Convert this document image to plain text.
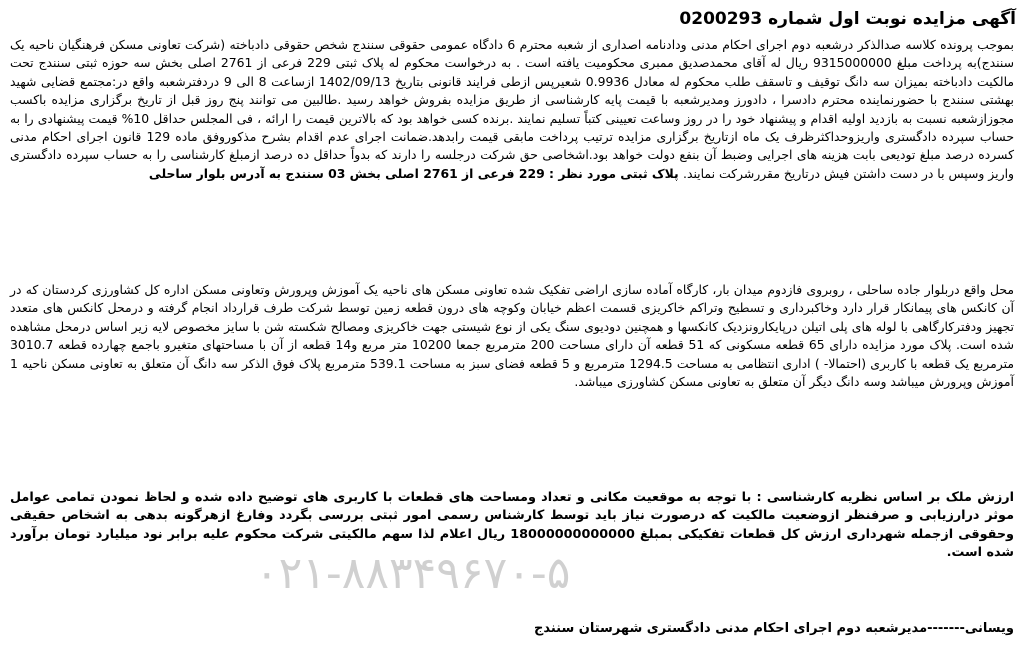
آگهی مزایده نوبت اول شماره 0200293

بموجب پرونده کلاسه صدالذکر درشعبه دوم اجرای احکام مدنی ودادنامه اصداری از شعبه محترم 6 دادگاه عمومی حقوقی سنندج شخص حقوقی دادباخته (شرکت تعاونی مسکن فرهنگیان ناحیه یک سنندج)به پرداخت مبلغ 9315000000 ریال له آقای محمدصدیق ممبری محکومیت یافته است . به درخواست محکوم له پلاک ثبتی 229 فرعی از 2761 اصلی بخش سه حوزه ثبتی سنندج تحت مالکیت دادباخته بمیزان سه دانگ توقیف و تاسقف طلب محکوم له معادل 0.9936 شعیرپس ازطی فرایند قانونی بتاریخ 1402/09/13 ازساعت 8 الی 9 دردفترشعبه واقع در:مجتمع قضایی شهید بهشتی سنندج با حضورنماینده محترم دادسرا ، دادورز ومدیرشعبه با قیمت پایه کارشناسی از طریق مزایده بفروش خواهد رسید .طالبین می توانند پنج روز قبل از تاریخ برگزاری مزایده باکسب مجوزازشعبه نسبت به بازدید اولیه اقدام و پیشنهاد خود را در روز وساعت تعیینی کتباً تسلیم نمایند .برنده کسی خواهد بود که بالاترین قیمت را ارائه ، فی المجلس حداقل 10% قیمت پیشنهادی را به حساب سپرده دادگستری واریزوحداکثرظرف یک ماه ازتاریخ برگزاری مزایده ترتیب پرداخت مابقی قیمت رابدهد.ضمانت اجرای عدم اقدام بشرح مذکوروفق ماده 129 قانون اجرای احکام مدنی کسرده درصد مبلغ تودیعی بابت هزینه های اجرایی وضبط آن بنفع دولت خواهد بود.اشخاصی حق شرکت درجلسه را دارند که بدواً حداقل ده درصد ازمبلغ کارشناسی را به حساب سپرده دادگستری واریز وسپس با در دست داشتن فیش درتاریخ مقررشرکت نمایند. پلاک ثبتی مورد نظر : 229 فرعی از 2761 اصلی بخش 03 سنندج به آدرس بلوار ساحلی

محل واقع دربلوار جاده ساحلی ، روبروی فازدوم میدان بار، کارگاه آماده سازی اراضی تفکیک شده تعاونی مسکن های ناحیه یک آموزش وپرورش وتعاونی مسکن اداره کل کشاورزی کردستان که در آن کانکس های پیمانکار قرار دارد وخاکبرداری و تسطیح وتراکم خاکریزی قسمت اعظم خیابان وکوچه های درون قطعه زمین توسط شرکت طرف قرارداد انجام گرفته و درمحل کانکس های متعدد تجهیز ودفترکارگاهی با لوله های پلی اتیلن درپایکارونزدیک کانکسها و همچنین دودیوی سنگ یکی از نوع شیستی جهت خاکریزی ومصالح شکسته شن با سایز مخصوص لایه زیر اساس درمحل مشاهده شده است. پلاک مورد مزایده دارای 65 قطعه مسکونی که 51 قطعه آن دارای مساحت 200 مترمربع جمعا 10200 متر مربع و14 قطعه از آن با مساحتهای متغیرو باجمع چهارده قطعه 3010.7 مترمربع یک قطعه با کاربری (احتمالا- ) اداری انتظامی به مساحت 1294.5 مترمربع و 5 قطعه فضای سبز به مساحت 539.1 مترمربع پلاک فوق الذکر سه دانگ آن متعلق به تعاونی مسکن ناحیه 1 آموزش وپرورش میباشد وسه دانگ دیگر آن متعلق به تعاونی مسکن کشاورزی میباشد.

ارزش ملک بر اساس نظریه کارشناسی : با توجه به موقعیت مکانی و تعداد ومساحت های قطعات با کاربری های توضیح داده شده و لحاظ نمودن تمامی عوامل موثر درارزیابی و صرفنظر ازوضعیت مالکیت که درصورت نیاز باید توسط کارشناس رسمی امور ثبتی بررسی بگردد وفارغ ازهرگونه بدهی به اشخاص حقیقی وحقوقی ازجمله شهرداری ارزش کل قطعات تفکیکی بمبلغ 18000000000000 ریال اعلام لذا سهم مالکیتی شرکت محکوم علیه برابر نود میلیارد تومان برآورد شده است.

۰۲۱-۸۸۳۴۹۶۷۰-۵
ویسانی-------مدیرشعبه دوم اجرای احکام مدنی دادگستری شهرستان سنندج
